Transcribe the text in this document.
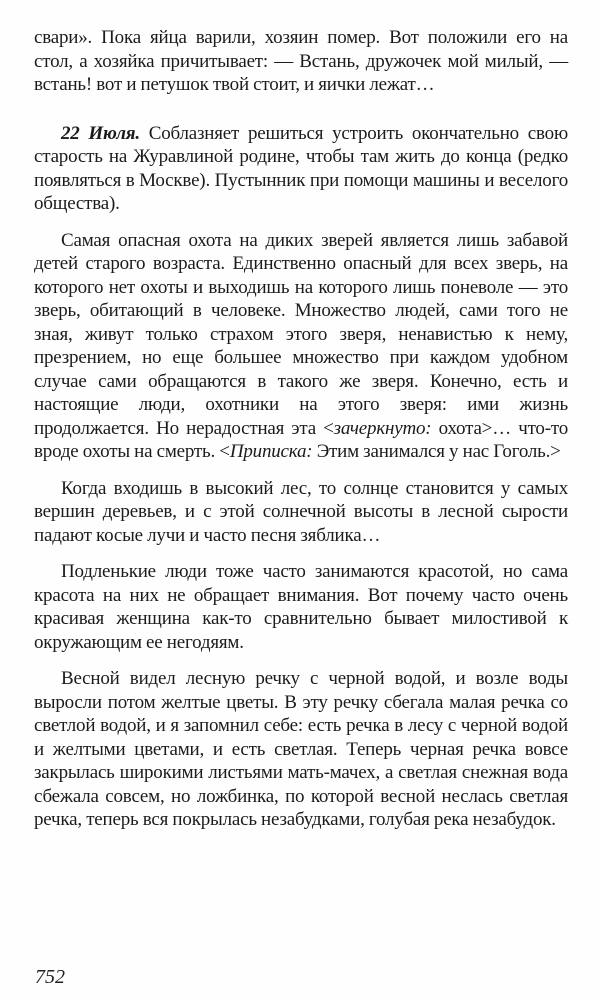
свари». Пока яйца варили, хозяин помер. Вот положили его на стол, а хозяйка причитывает: — Встань, дружочек мой милый, — встань! вот и петушок твой стоит, и яички лежат…

22 Июля. Соблазняет решиться устроить окончательно свою старость на Журавлиной родине, чтобы там жить до конца (редко появляться в Москве). Пустынник при помощи машины и веселого общества).

Самая опасная охота на диких зверей является лишь забавой детей старого возраста. Единственно опасный для всех зверь, на которого нет охоты и выходишь на которого лишь поневоле — это зверь, обитающий в человеке. Множество людей, сами того не зная, живут только страхом этого зверя, ненавистью к нему, презрением, но еще большее множество при каждом удобном случае сами обращаются в такого же зверя. Конечно, есть и настоящие люди, охотники на этого зверя: ими жизнь продолжается. Но нерадостная эта <зачеркнуто: охота>… что-то вроде охоты на смерть. <Приписка: Этим занимался у нас Гоголь.>

Когда входишь в высокий лес, то солнце становится у самых вершин деревьев, и с этой солнечной высоты в лесной сырости падают косые лучи и часто песня зяблика…

Подленькие люди тоже часто занимаются красотой, но сама красота на них не обращает внимания. Вот почему часто очень красивая женщина как-то сравнительно бывает милостивой к окружающим ее негодяям.

Весной видел лесную речку с черной водой, и возле воды выросли потом желтые цветы. В эту речку сбегала малая речка со светлой водой, и я запомнил себе: есть речка в лесу с черной водой и желтыми цветами, и есть светлая. Теперь черная речка вовсе закрылась широкими листьями мать-мачех, а светлая снежная вода сбежала совсем, но ложбинка, по которой весной неслась светлая речка, теперь вся покрылась незабудками, голубая река незабудок.

752
